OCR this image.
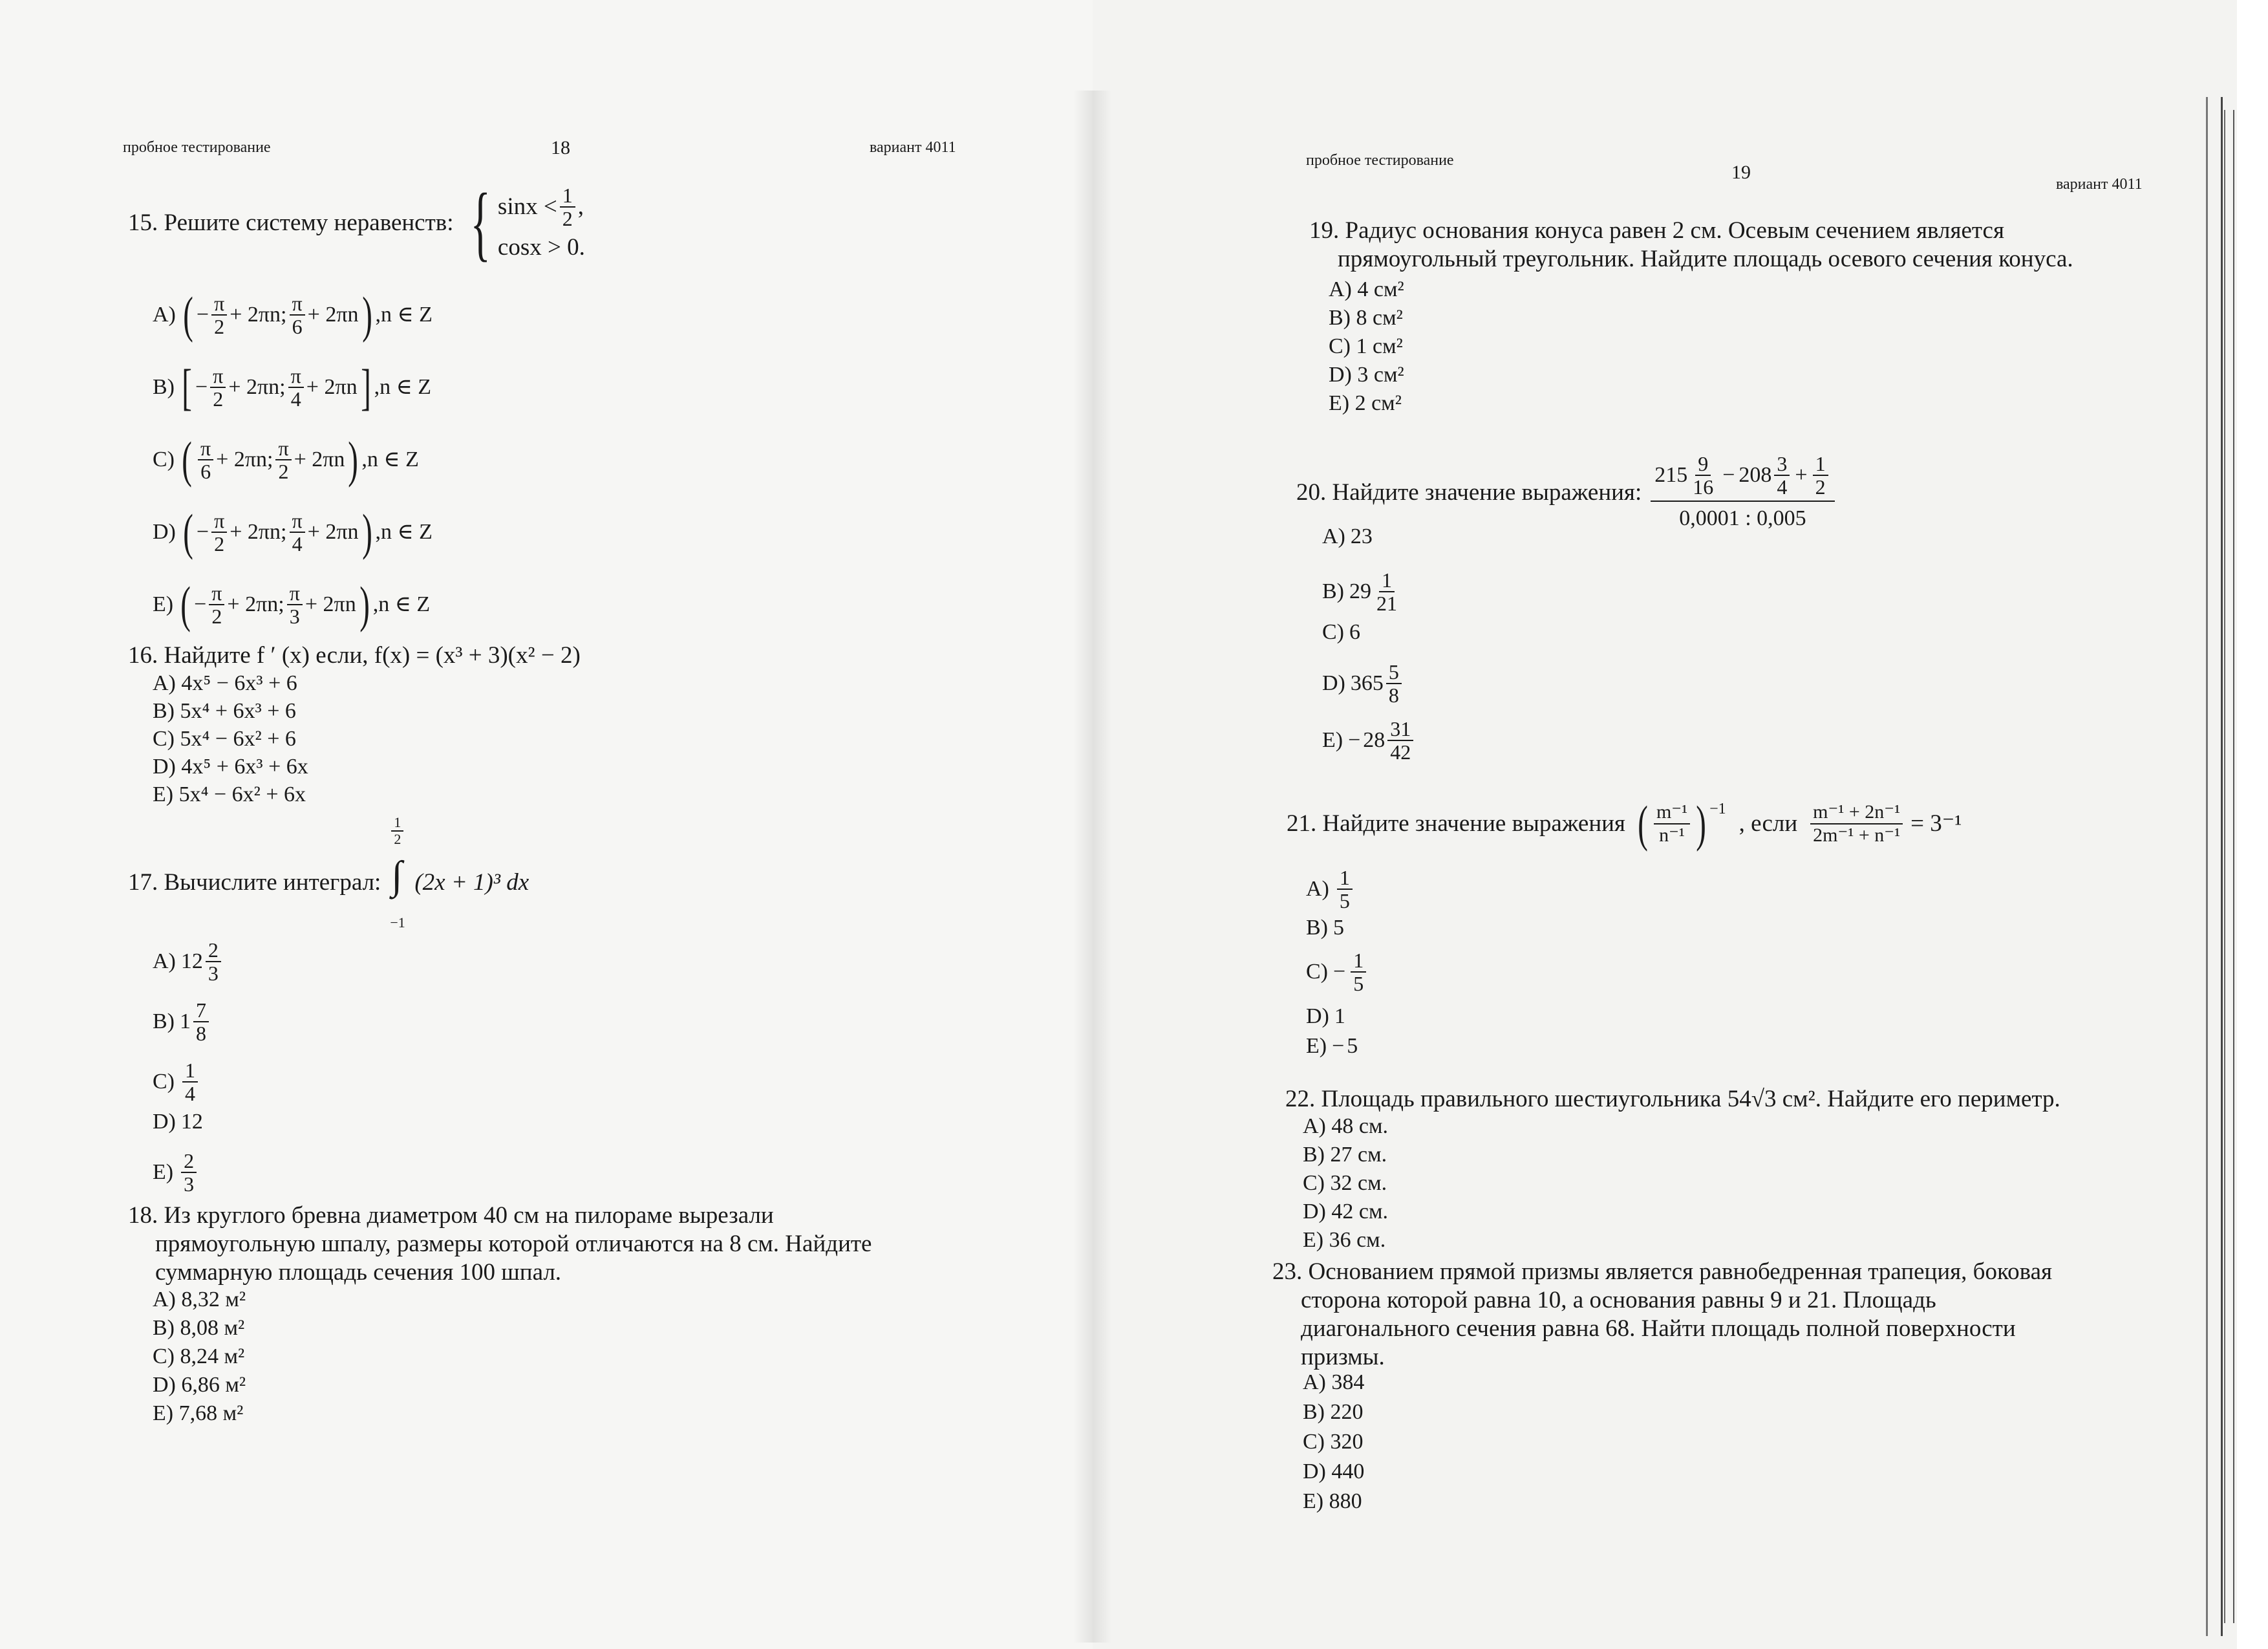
пробное тестирование	18	вариант 4011
15. Решите систему неравенств: { $\sin x < \frac{1}{2}$ ,
cosx > 0.
A) ( − $\frac{\pi}{2} + 2\pi n$; $\frac{\pi}{6} + 2\pi n$ ) ,n ∈ Z
B) [ − $\frac{\pi}{2} + 2\pi n$; $\frac{\pi}{4} + 2\pi n$ ] ,n ∈ Z
C) ( $\frac{\pi}{6} + 2\pi n$; $\frac{\pi}{2} + 2\pi n$ ) ,n ∈ Z
D) ( − $\frac{\pi}{2} + 2\pi n$; $\frac{\pi}{4} + 2\pi n$ ) ,n ∈ Z
E) ( − $\frac{\pi}{2} + 2\pi n$; $\frac{\pi}{3} + 2\pi n$ ) ,n ∈ Z
16. Найдите f ′ (x) если, f(x) = (x³ + 3)(x² − 2)
A) 4x⁵ − 6x³ + 6
B) 5x⁴ + 6x³ + 6
C) 5x⁴ − 6x² + 6
D) 4x⁵ + 6x³ + 6x
E) 5x⁴ − 6x² + 6x
17. Вычислите интеграл:
$\frac{1}{2}$
∫
−1
(2x + 1)³ dx
A) $12 \frac{2}{3}$
B) $1 \frac{7}{8}$
$C) \frac{1}{4}$
D) 12
$E) \frac{2}{3}$
18. Из круглого бревна диаметром 40 см на пилораме вырезали
прямоугольную шпалу, размеры которой отличаются на 8 см. Найдите
суммарную площадь сечения 100 шпал.
A) 8,32 м²
B) 8,08 м²
C) 8,24 м²
D) 6,86 м²
E) 7,68 м²
пробное тестирование
19
вариант 4011
19. Радиус основания конуса равен 2 см. Осевым сечением является
прямоугольный треугольник. Найдите площадь осевого сечения конуса.
A) 4 см²
B) 8 см²
C) 1 см²
D) 3 см²
E) 2 см²
20. Найдите значение выражения: $\frac{215 \frac{9}{16} - 208 \frac{3}{4} + \frac{1}{2}}{0,0001 : 0,005}$
A) 23
B) $29 \frac{1}{21}$
C) 6
D) $365 \frac{5}{8}$
$E) - 28 \frac{31}{42}$
21. Найдите значение выражения ( $\frac{\text{m⁻¹}}{\text{n⁻¹}}$ ) −1
, если $\frac{\text{m⁻¹ + 2n⁻¹}}{\text{2m⁻¹ + n⁻¹}} = 3^{-1}$
$A) \frac{1}{5}$
B) 5
$C) - \frac{1}{5}$
D) 1
E) − 5
22. Площадь правильного шестиугольника 54√3 см². Найдите его периметр.
A) 48 см.
B) 27 см.
C) 32 см.
D) 42 см.
E) 36 см.
23. Основанием прямой призмы является равнобедренная трапеция, боковая
сторона которой равна 10, а основания равны 9 и 21. Площадь
диагонального сечения равна 68. Найти площадь полной поверхности
призмы.
A) 384
B) 220
C) 320
D) 440
E) 880
